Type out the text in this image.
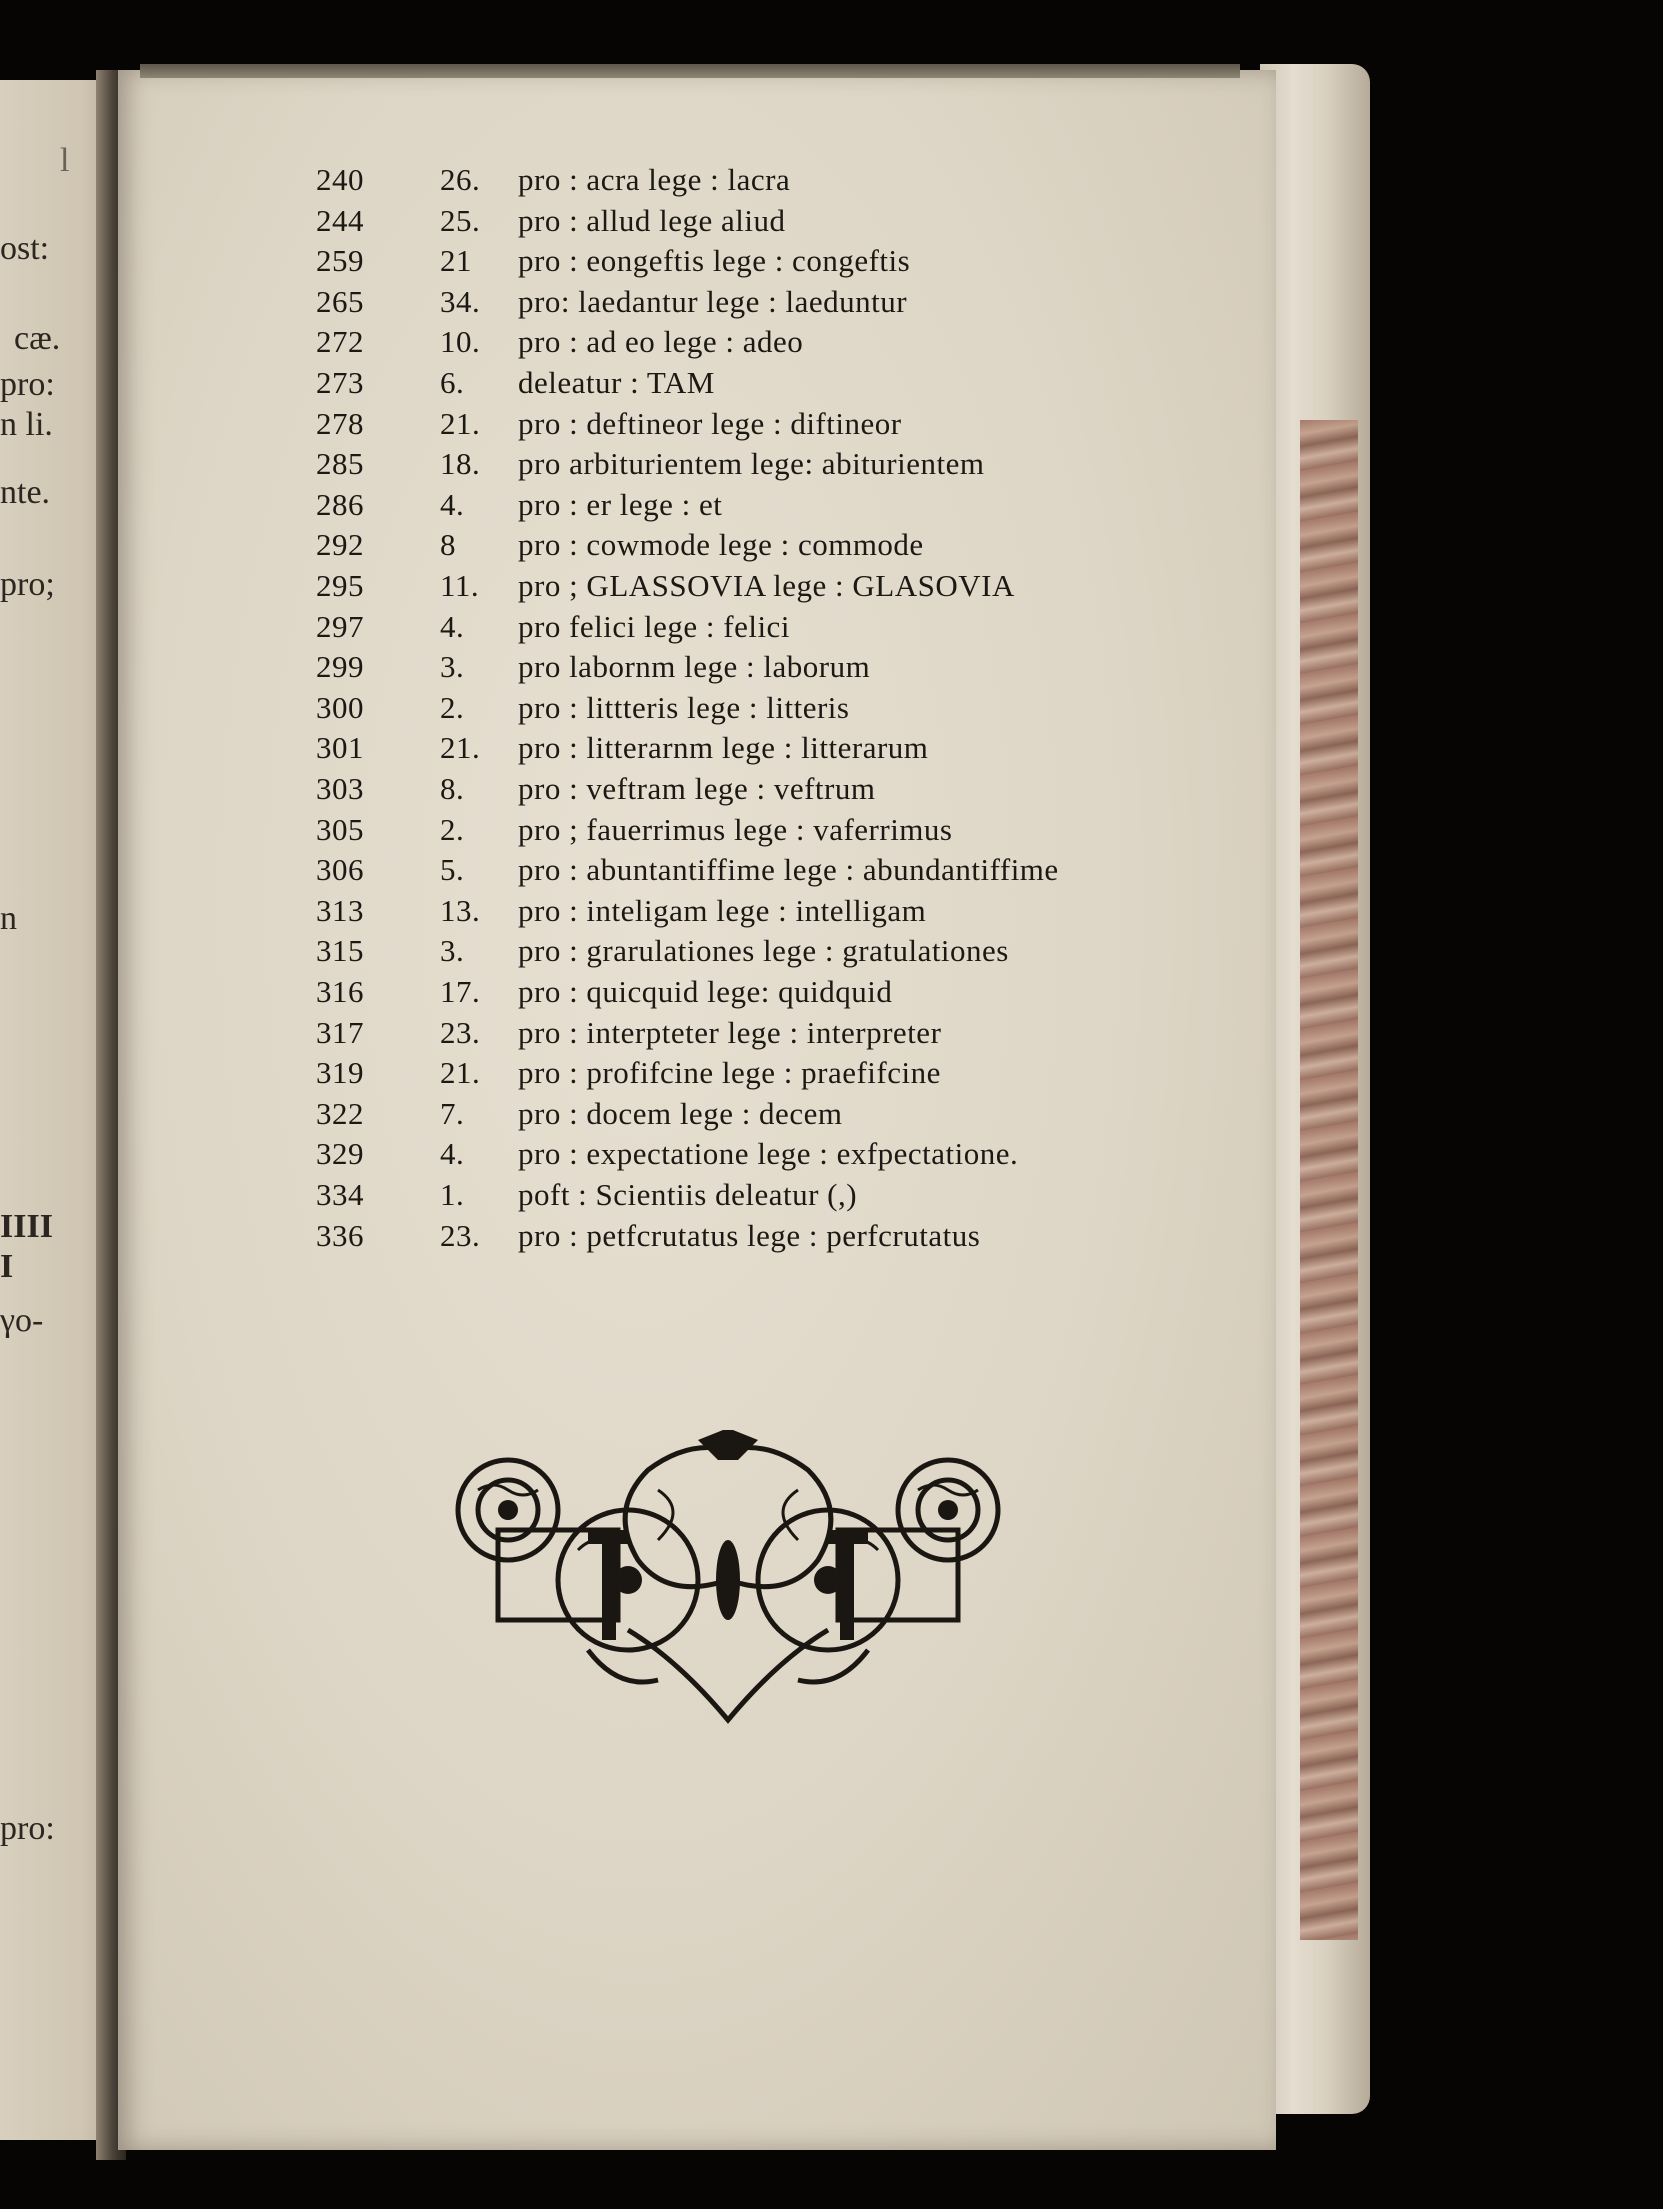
l
ost:
cæ.
pro:
n li.
nte.
pro;
n
IIII
I
γο-
pro:
240 26. pro : acra lege : lacra
244 25. pro : allud lege aliud
259 21 pro : eongeftis lege : congeftis
265 34. pro: laedantur lege : laeduntur
272 10. pro : ad eo lege : adeo
273 6. deleatur : TAM
278 21. pro : deftineor lege : diftineor
285 18. pro arbiturientem lege: abiturientem
286 4. pro : er lege : et
292 8 pro : cowmode lege : commode
295 11. pro ; GLASSOVIA lege : GLASOVIA
297 4. pro felici lege : felici
299 3. pro labornm lege : laborum
300 2. pro : littteris lege : litteris
301 21. pro : litterarnm lege : litterarum
303 8. pro : veftram lege : veftrum
305 2. pro ; fauerrimus lege : vaferrimus
306 5. pro : abuntantiffime lege : abundantiffime
313 13. pro : inteligam lege : intelligam
315 3. pro : grarulationes lege : gratulationes
316 17. pro : quicquid lege: quidquid
317 23. pro : interpteter lege : interpreter
319 21. pro : profifcine lege : praefifcine
322 7. pro : docem lege : decem
329 4. pro : expectatione lege : exfpectatione.
334 1. poft : Scientiis deleatur (,)
336 23. pro : petfcrutatus lege : perfcrutatus
